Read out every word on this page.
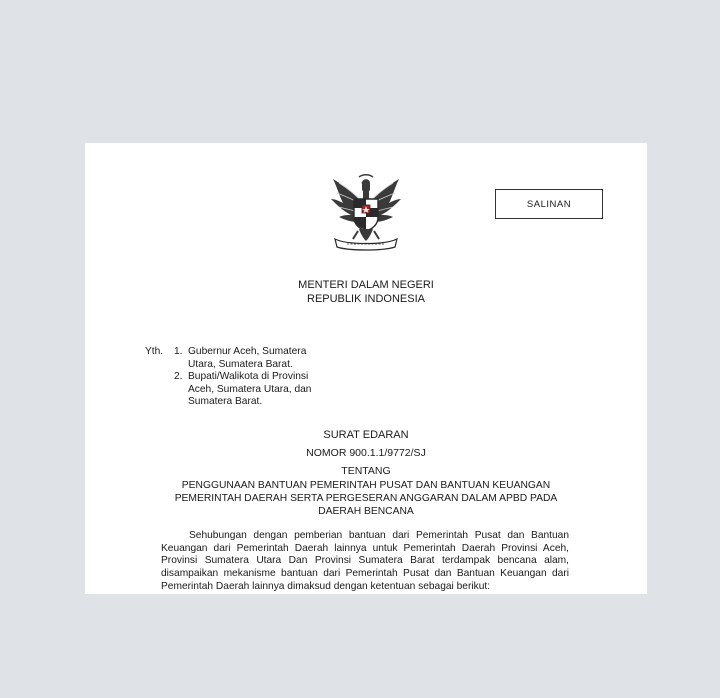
SALINAN
MENTERI DALAM NEGERI
REPUBLIK INDONESIA
Yth. 1. Gubernur Aceh, Sumatera
Utara, Sumatera Barat.
2. Bupati/Walikota di Provinsi
Aceh, Sumatera Utara, dan
Sumatera Barat.
SURAT EDARAN
NOMOR 900.1.1/9772/SJ
TENTANG
PENGGUNAAN BANTUAN PEMERINTAH PUSAT DAN BANTUAN KEUANGAN
PEMERINTAH DAERAH SERTA PERGESERAN ANGGARAN DALAM APBD PADA
DAERAH BENCANA

Sehubungan dengan pemberian bantuan dari Pemerintah Pusat dan Bantuan Keuangan dari Pemerintah Daerah lainnya untuk Pemerintah Daerah Provinsi Aceh, Provinsi Sumatera Utara Dan Provinsi Sumatera Barat terdampak bencana alam, disampaikan mekanisme bantuan dari Pemerintah Pusat dan Bantuan Keuangan dari Pemerintah Daerah lainnya dimaksud dengan ketentuan sebagai berikut:
